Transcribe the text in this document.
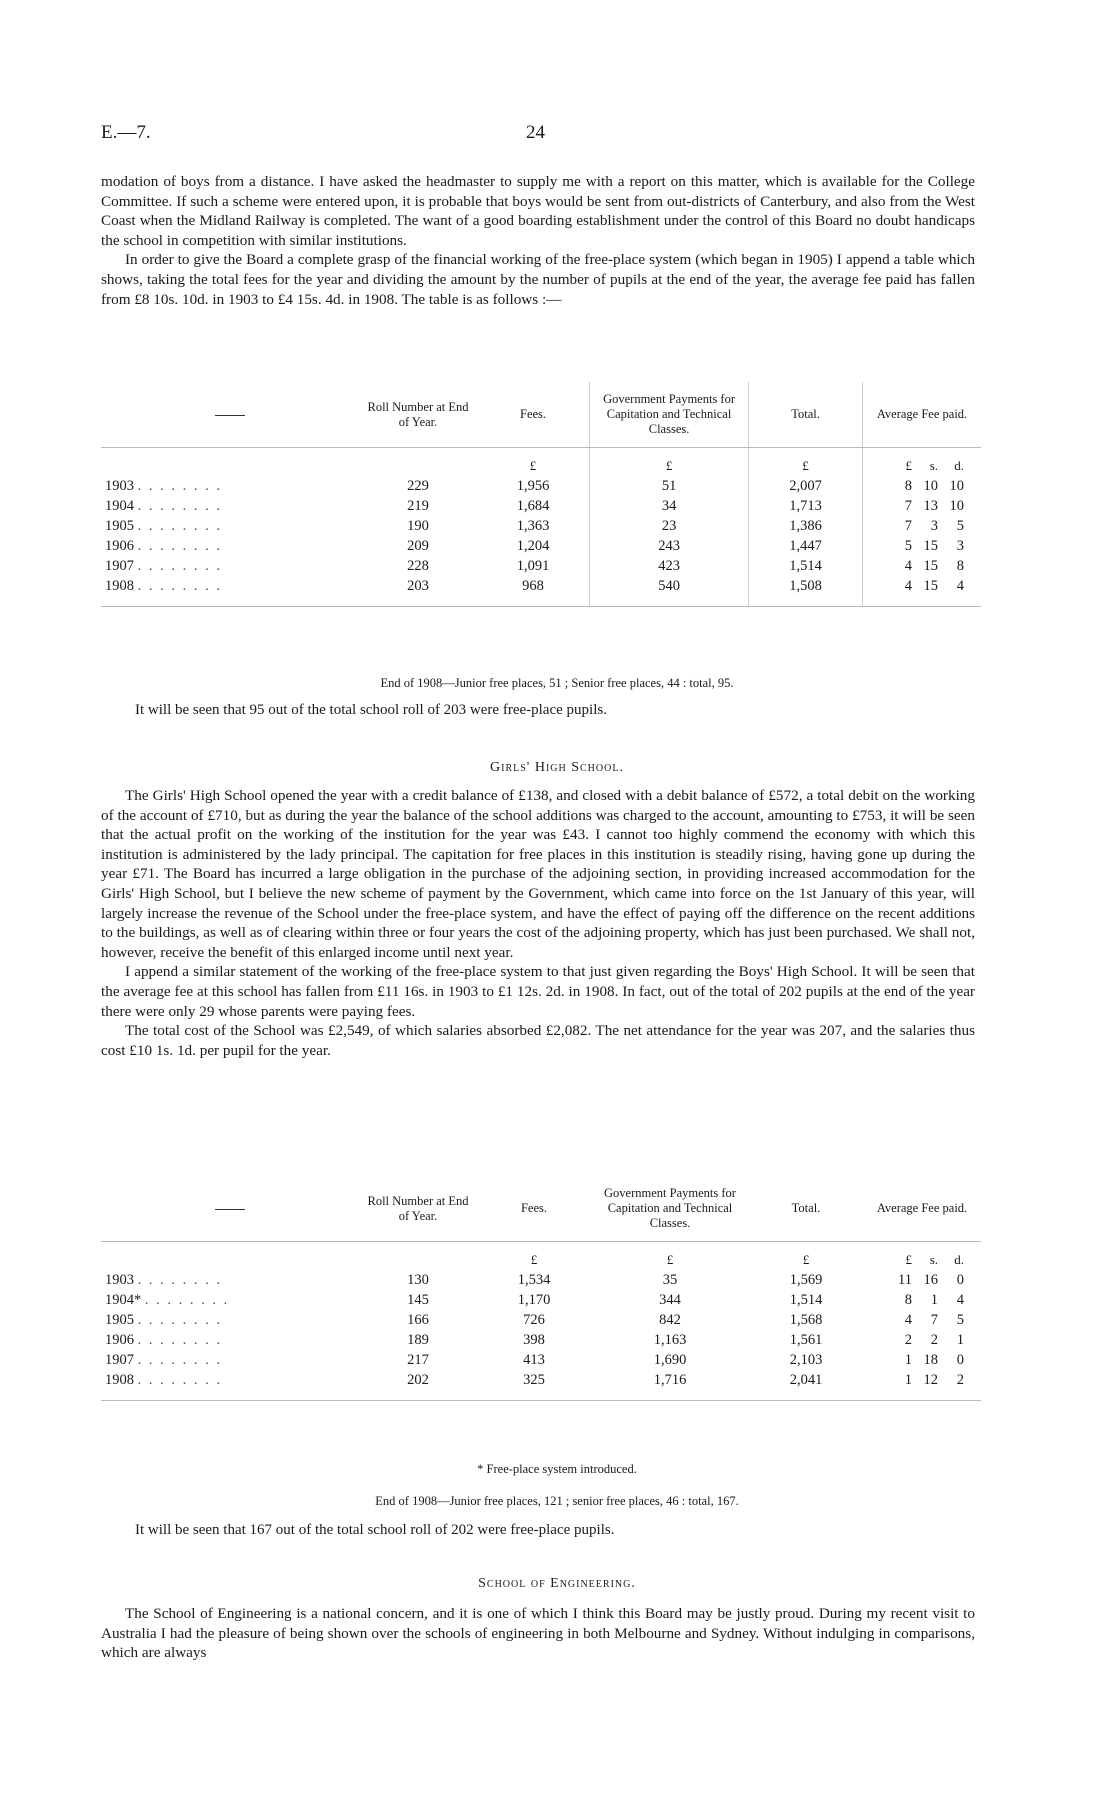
E.—7.	24

modation of boys from a distance. I have asked the headmaster to supply me with a report on this matter, which is available for the College Committee. If such a scheme were entered upon, it is probable that boys would be sent from out-districts of Canterbury, and also from the West Coast when the Midland Railway is completed. The want of a good boarding establishment under the control of this Board no doubt handicaps the school in competition with similar institutions.

In order to give the Board a complete grasp of the financial working of the free-place system (which began in 1905) I append a table which shows, taking the total fees for the year and dividing the amount by the number of pupils at the end of the year, the average fee paid has fallen from £8 10s. 10d. in 1903 to £4 15s. 4d. in 1908. The table is as follows :—

	Roll Number at End of Year.	Fees.	Government Payments for Capitation and Technical Classes.	Total.	Average Fee paid.
		£	£	£	£ s. d.
1903 . . . . . . . .	229	1,956	51	2,007	8 10 10
1904 . . . . . . . .	219	1,684	34	1,713	7 13 10
1905 . . . . . . . .	190	1,363	23	1,386	7 3 5
1906 . . . . . . . .	209	1,204	243	1,447	5 15 3
1907 . . . . . . . .	228	1,091	423	1,514	4 15 8
1908 . . . . . . . .	203	968	540	1,508	4 15 4
End of 1908—Junior free places, 51 ; Senior free places, 44 : total, 95.
It will be seen that 95 out of the total school roll of 203 were free-place pupils.
Girls' High School.

The Girls' High School opened the year with a credit balance of £138, and closed with a debit balance of £572, a total debit on the working of the account of £710, but as during the year the balance of the school additions was charged to the account, amounting to £753, it will be seen that the actual profit on the working of the institution for the year was £43. I cannot too highly commend the economy with which this institution is administered by the lady principal. The capitation for free places in this institution is steadily rising, having gone up during the year £71. The Board has incurred a large obligation in the purchase of the adjoining section, in providing increased accommodation for the Girls' High School, but I believe the new scheme of payment by the Government, which came into force on the 1st January of this year, will largely increase the revenue of the School under the free-place system, and have the effect of paying off the difference on the recent additions to the buildings, as well as of clearing within three or four years the cost of the adjoining property, which has just been purchased. We shall not, however, receive the benefit of this enlarged income until next year.

I append a similar statement of the working of the free-place system to that just given regarding the Boys' High School. It will be seen that the average fee at this school has fallen from £11 16s. in 1903 to £1 12s. 2d. in 1908. In fact, out of the total of 202 pupils at the end of the year there were only 29 whose parents were paying fees.

The total cost of the School was £2,549, of which salaries absorbed £2,082. The net attendance for the year was 207, and the salaries thus cost £10 1s. 1d. per pupil for the year.

	Roll Number at End of Year.	Fees.	Government Payments for Capitation and Technical Classes.	Total.	Average Fee paid.
		£	£	£	£ s. d.
1903 . . . . . . . .	130	1,534	35	1,569	11 16 0
1904* . . . . . . . .	145	1,170	344	1,514	8 1 4
1905 . . . . . . . .	166	726	842	1,568	4 7 5
1906 . . . . . . . .	189	398	1,163	1,561	2 2 1
1907 . . . . . . . .	217	413	1,690	2,103	1 18 0
1908 . . . . . . . .	202	325	1,716	2,041	1 12 2
* Free-place system introduced.
End of 1908—Junior free places, 121 ; senior free places, 46 : total, 167.
It will be seen that 167 out of the total school roll of 202 were free-place pupils.
School of Engineering.

The School of Engineering is a national concern, and it is one of which I think this Board may be justly proud. During my recent visit to Australia I had the pleasure of being shown over the schools of engineering in both Melbourne and Sydney. Without indulging in comparisons, which are always
